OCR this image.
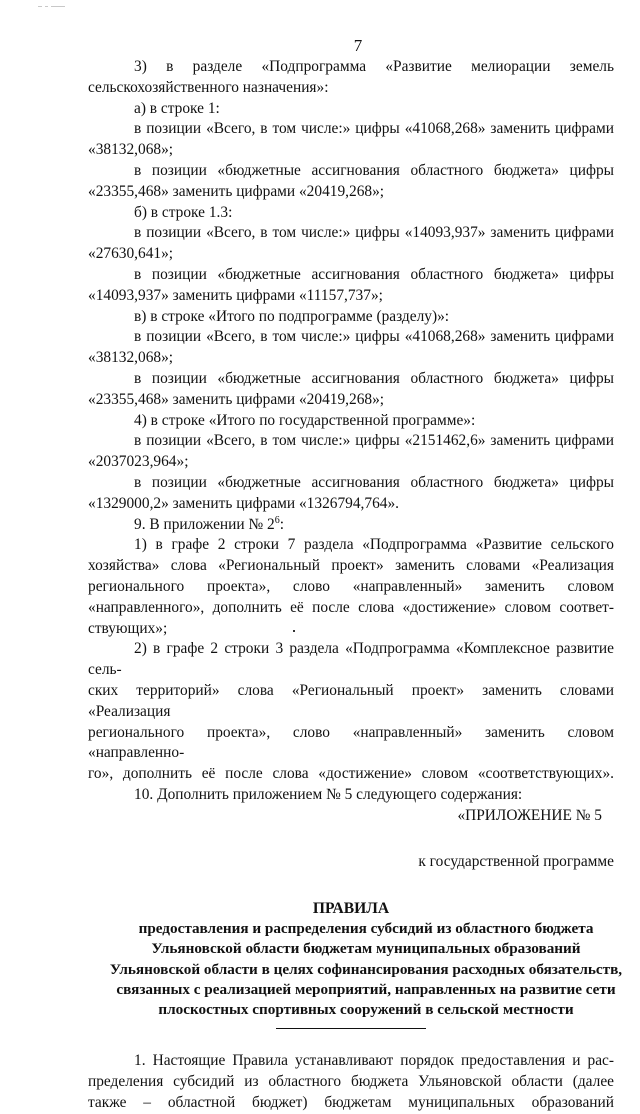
7

3) в разделе «Подпрограмма «Развитие мелиорации земель

сельскохозяйственного назначения»:

а) в строке 1:

в позиции «Всего, в том числе:» цифры «41068,268» заменить цифрами

«38132,068»;

в позиции «бюджетные ассигнования областного бюджета» цифры

«23355,468» заменить цифрами «20419,268»;

б) в строке 1.3:

в позиции «Всего, в том числе:» цифры «14093,937» заменить цифрами

«27630,641»;

в позиции «бюджетные ассигнования областного бюджета» цифры

«14093,937» заменить цифрами «11157,737»;

в) в строке «Итого по подпрограмме (разделу)»:

в позиции «Всего, в том числе:» цифры «41068,268» заменить цифрами

«38132,068»;

в позиции «бюджетные ассигнования областного бюджета» цифры

«23355,468» заменить цифрами «20419,268»;

4) в строке «Итого по государственной программе»:

в позиции «Всего, в том числе:» цифры «2151462,6» заменить цифрами

«2037023,964»;

в позиции «бюджетные ассигнования областного бюджета» цифры

«1329000,2» заменить цифрами «1326794,764».

9. В приложении № $2^6$:

1) в графе 2 строки 7 раздела «Подпрограмма «Развитие сельского

хозяйства» слова «Региональный проект» заменить словами «Реализация

регионального проекта», слово «направленный» заменить словом

«направленного», дополнить её после слова «достижение» словом соответ-

ствующих»;

2) в графе 2 строки 3 раздела «Подпрограмма «Комплексное развитие сель-

ских территорий» слова «Региональный проект» заменить словами «Реализация

регионального проекта», слово «направленный» заменить словом «направленно-

го», дополнить её после слова «достижение» словом «соответствующих».

10. Дополнить приложением № 5 следующего содержания:

«ПРИЛОЖЕНИЕ № 5

к государственной программе

ПРАВИЛА

предоставления и распределения субсидий из областного бюджета

Ульяновской области бюджетам муниципальных образований

Ульяновской области в целях софинансирования расходных обязательств,

связанных с реализацией мероприятий, направленных на развитие сети

плоскостных спортивных сооружений в сельской местности

1. Настоящие Правила устанавливают порядок предоставления и рас-

пределения субсидий из областного бюджета Ульяновской области (далее

также – областной бюджет) бюджетам муниципальных образований
